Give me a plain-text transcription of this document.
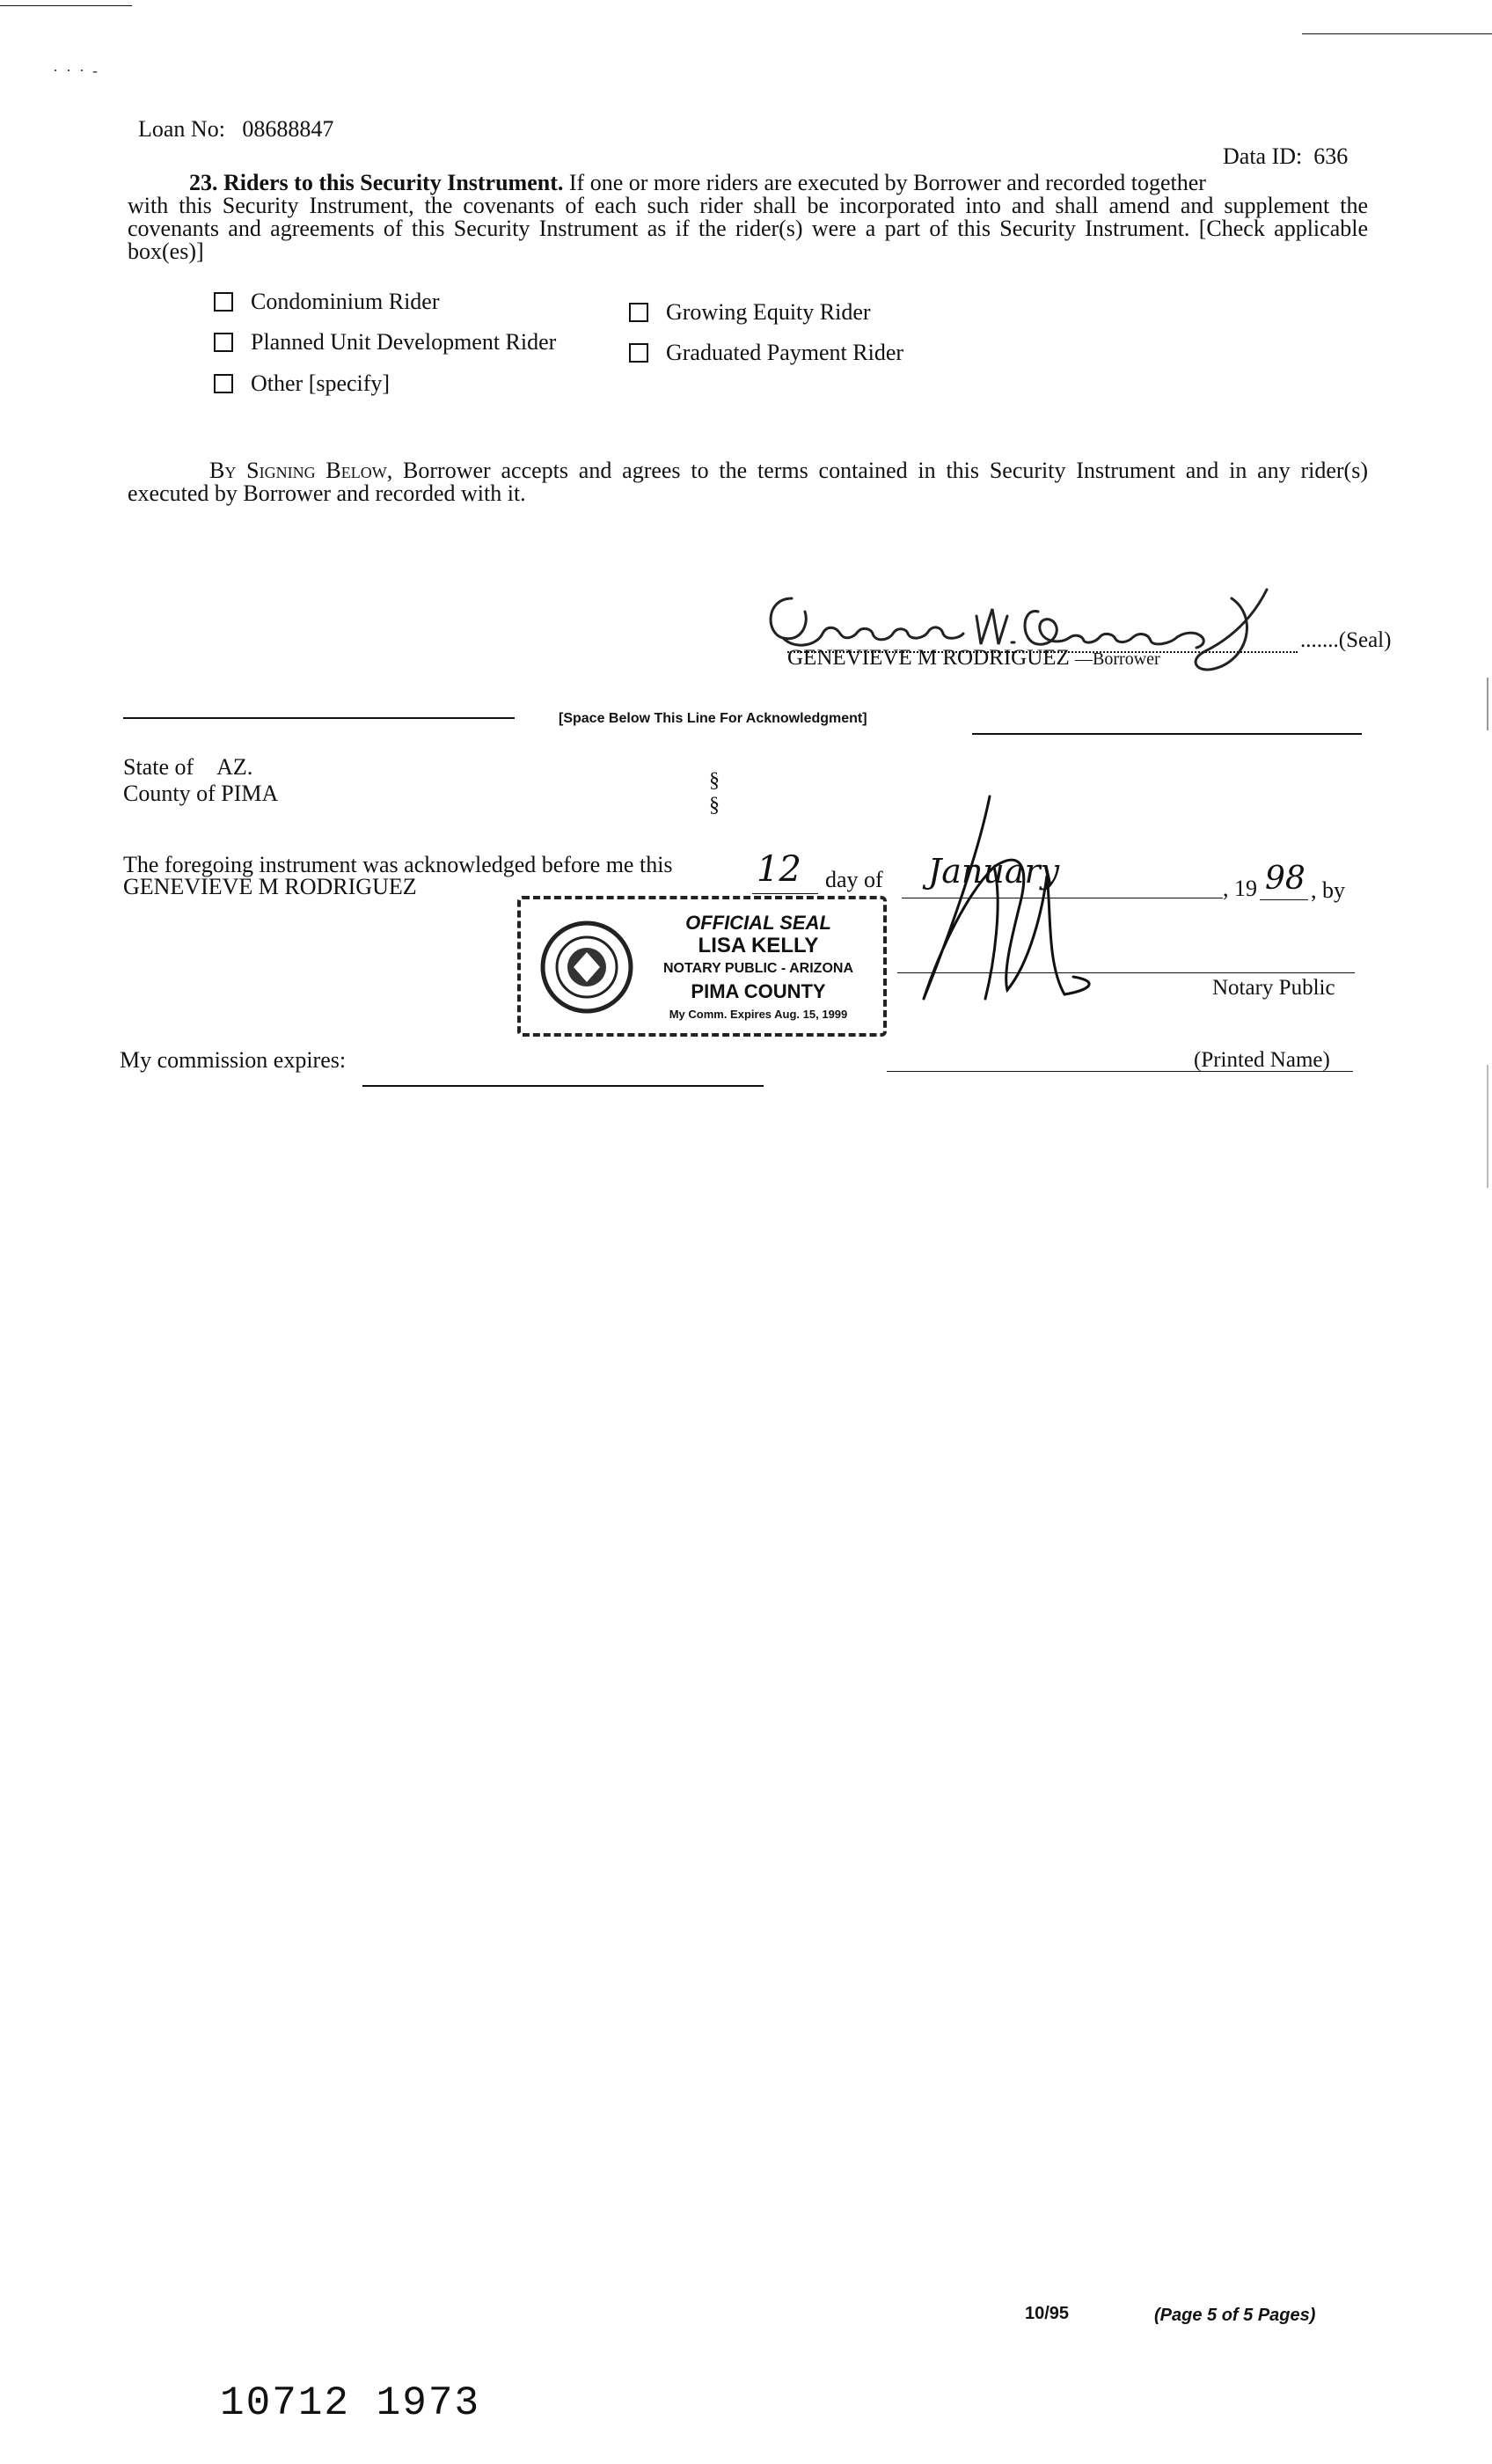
·  ·  ·  -
Loan No: 08688847
Data ID: 636
23. Riders to this Security Instrument. If one or more riders are executed by Borrower and recorded together
with this Security Instrument, the covenants of each such rider shall be incorporated into and shall amend and supplement the covenants and agreements of this Security Instrument as if the rider(s) were a part of this Security Instrument. [Check applicable box(es)]
Condominium Rider
Planned Unit Development Rider
Other [specify]
Growing Equity Rider
Graduated Payment Rider
By Signing Below, Borrower accepts and agrees to the terms contained in this Security Instrument and in any rider(s) executed by Borrower and recorded with it.
.......(Seal)
GENEVIEVE M RODRIGUEZ —Borrower
[Space Below This Line For Acknowledgment]
State of AZ.
County of PIMA	§
§
The foregoing instrument was acknowledged before me this 12 day of January	, 19 98 , by
GENEVIEVE M RODRIGUEZ
OFFICIAL SEAL
LISA KELLY
NOTARY PUBLIC - ARIZONA
PIMA COUNTY
My Comm. Expires Aug. 15, 1999
Notary Public
My commission expires:	(Printed Name)
10/95	(Page 5 of 5 Pages)
10712 1973
